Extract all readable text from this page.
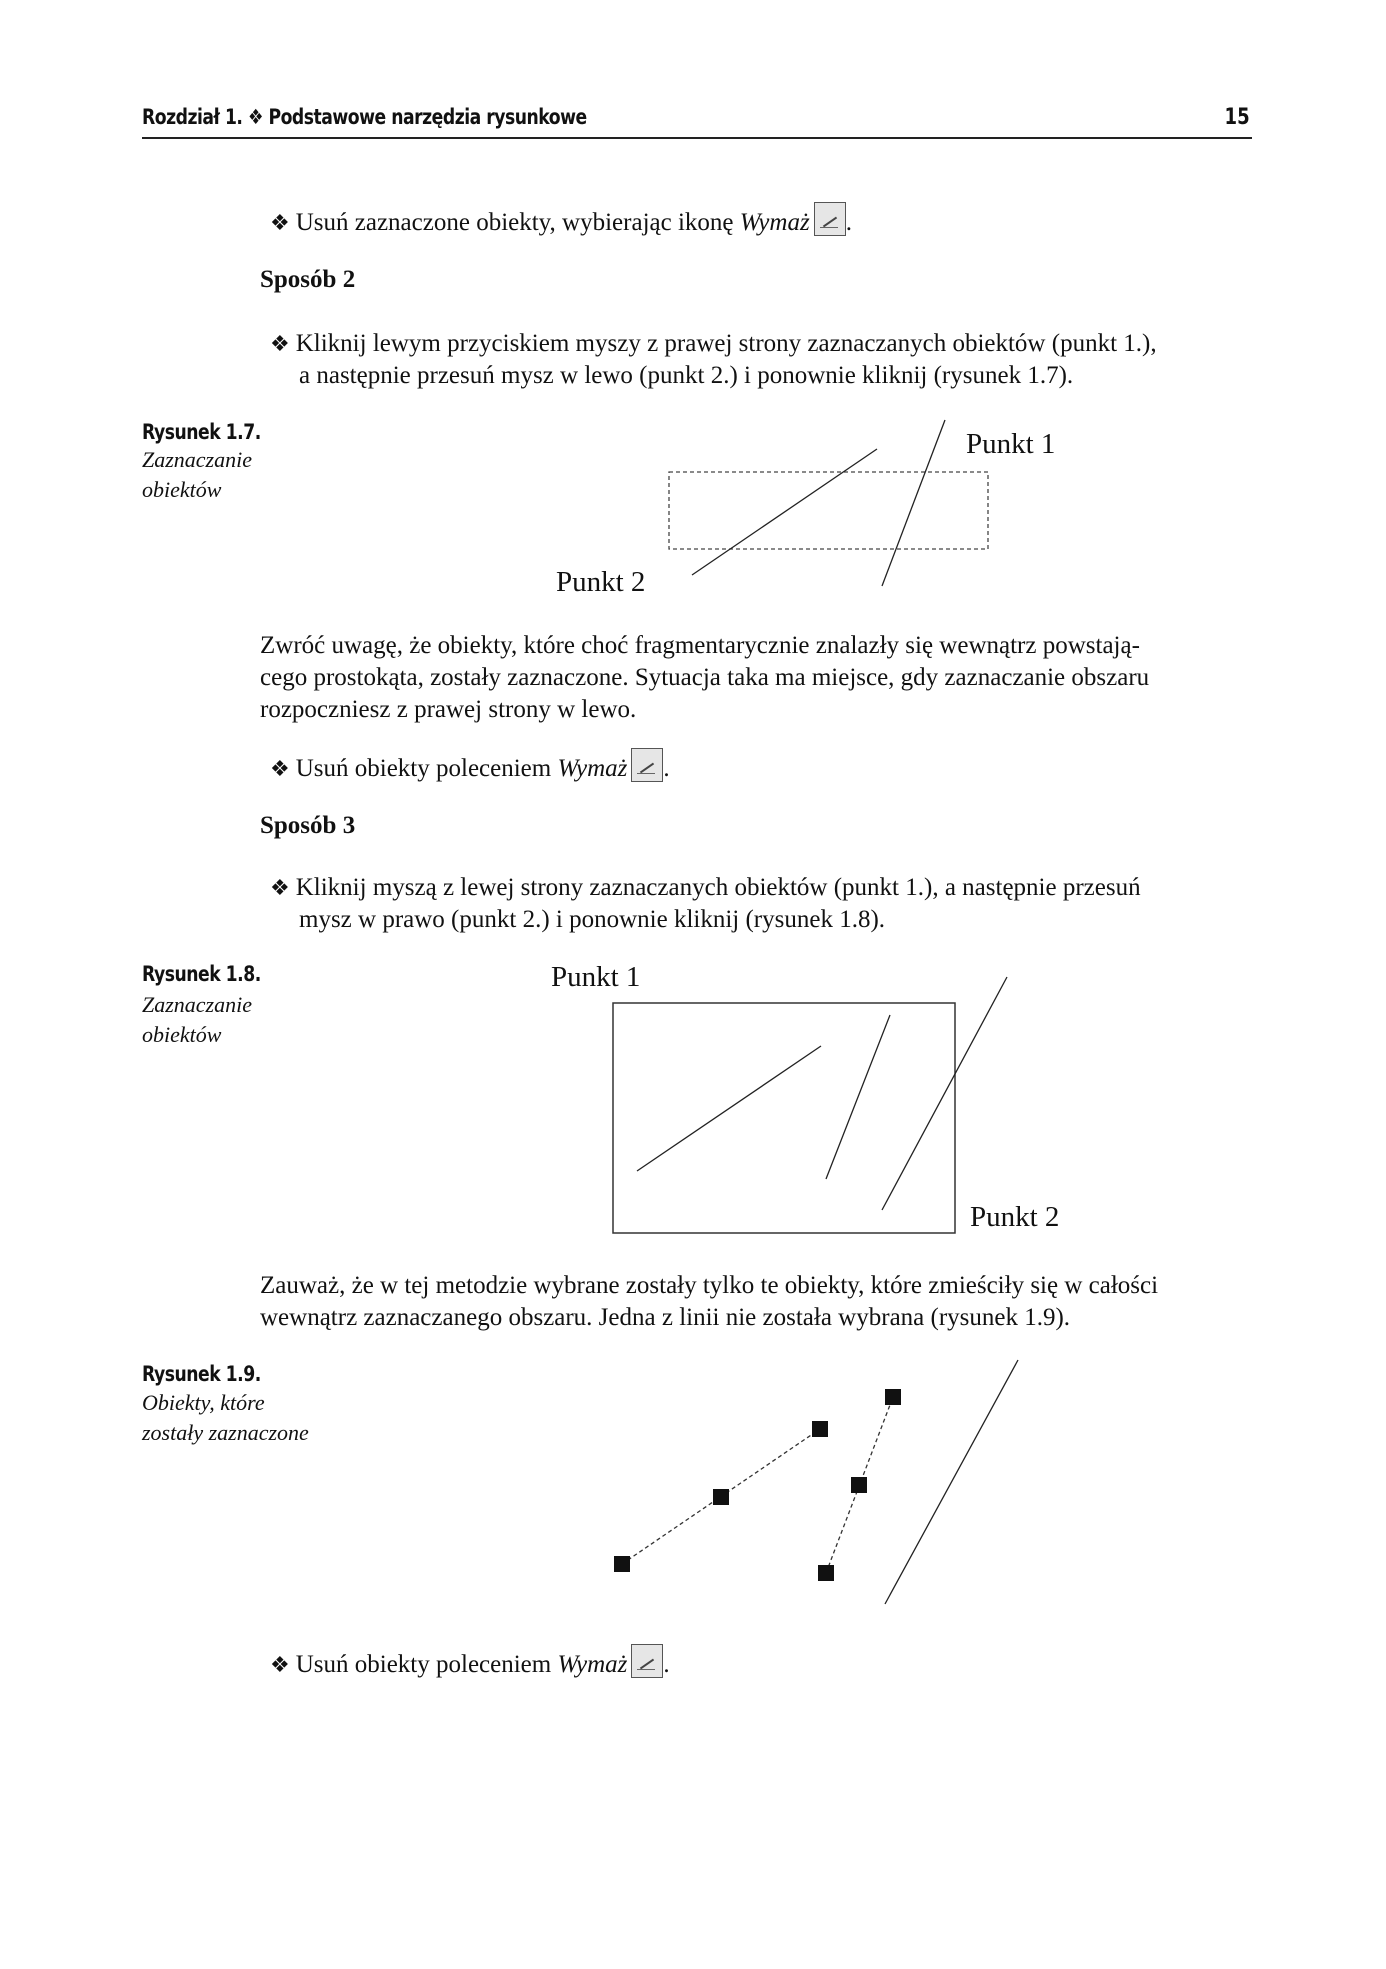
Rozdział 1. ❖ Podstawowe narzędzia rysunkowe	15
❖ Usuń zaznaczone obiekty, wybierając ikonę Wymaż .
Sposób 2
❖ Kliknij lewym przyciskiem myszy z prawej strony zaznaczanych obiektów (punkt 1.),
a następnie przesuń mysz w lewo (punkt 2.) i ponownie kliknij (rysunek 1.7).
Rysunek 1.7.
Zaznaczanie
obiektów
Punkt 1
Punkt 2
Zwróć uwagę, że obiekty, które choć fragmentarycznie znalazły się wewnątrz powstają-
cego prostokąta, zostały zaznaczone. Sytuacja taka ma miejsce, gdy zaznaczanie obszaru
rozpoczniesz z prawej strony w lewo.
❖ Usuń obiekty poleceniem Wymaż .
Sposób 3
❖ Kliknij myszą z lewej strony zaznaczanych obiektów (punkt 1.), a następnie przesuń
mysz w prawo (punkt 2.) i ponownie kliknij (rysunek 1.8).
Rysunek 1.8.
Zaznaczanie
obiektów
Punkt 1
Punkt 2
Zauważ, że w tej metodzie wybrane zostały tylko te obiekty, które zmieściły się w całości
wewnątrz zaznaczanego obszaru. Jedna z linii nie została wybrana (rysunek 1.9).
Rysunek 1.9.
Obiekty, które
zostały zaznaczone
❖ Usuń obiekty poleceniem Wymaż .
